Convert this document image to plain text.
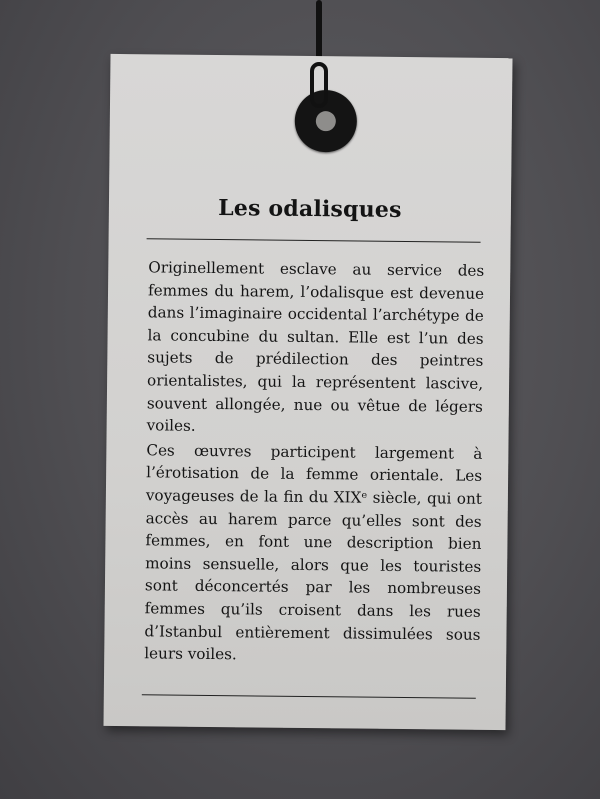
Les odalisques

Originellement esclave au service des femmes du harem, l’odalisque est devenue dans l’imaginaire occidental l’archétype de la concubine du sultan. Elle est l’un des sujets de prédilection des peintres orientalistes, qui la représentent lascive, souvent allongée, nue ou vêtue de légers voiles.

Ces œuvres participent largement à l’érotisation de la femme orientale. Les voyageuses de la fin du XIXᵉ siècle, qui ont accès au harem parce qu’elles sont des femmes, en font une description bien moins sensuelle, alors que les touristes sont déconcertés par les nombreuses femmes qu’ils croisent dans les rues d’Istanbul entièrement dissimulées sous leurs voiles.
